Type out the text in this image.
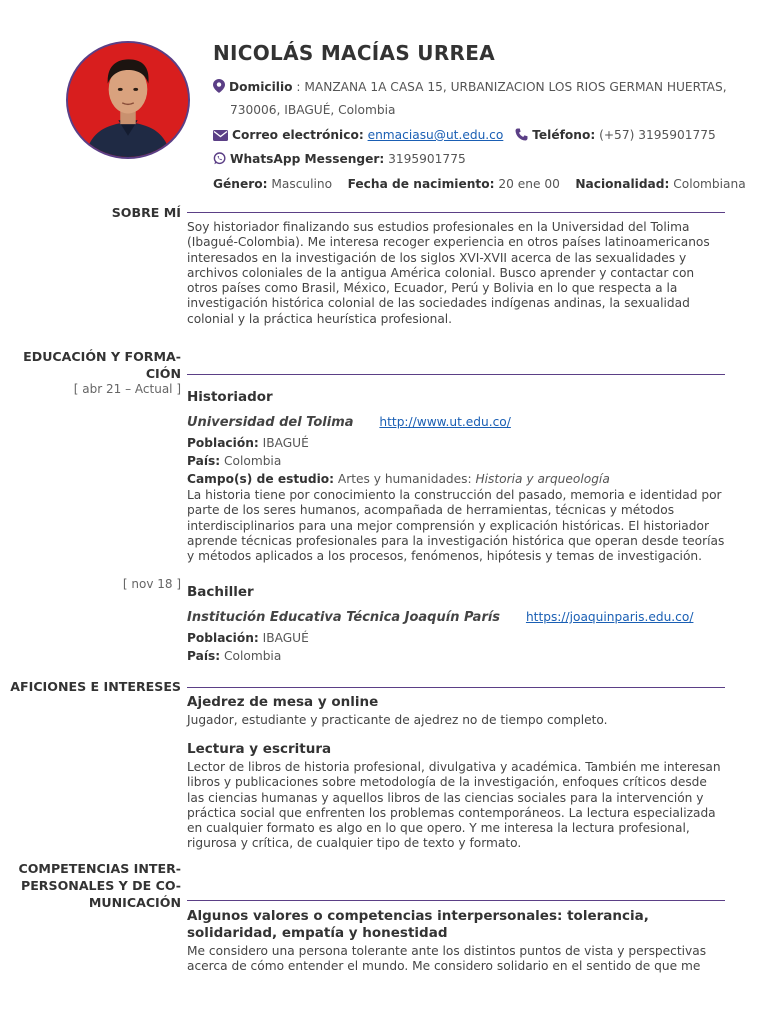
NICOLÁS MACÍAS URREA
Domicilio : MANZANA 1A CASA 15, URBANIZACION LOS RIOS GERMAN HUERTAS,
730006, IBAGUÉ, Colombia
Correo electrónico: enmaciasu@ut.edu.co Teléfono: (+57) 3195901775
WhatsApp Messenger: 3195901775
Género: Masculino Fecha de nacimiento: 20 ene 00 Nacionalidad: Colombiana
SOBRE MÍ
Soy historiador finalizando sus estudios profesionales en la Universidad del Tolima (Ibagué-Colombia). Me interesa recoger experiencia en otros países latinoamericanos interesados en la investigación de los siglos XVI-XVII acerca de las sexualidades y archivos coloniales de la antigua América colonial. Busco aprender y contactar con otros países como Brasil, México, Ecuador, Perú y Bolivia en lo que respecta a la investigación histórica colonial de las sociedades indígenas andinas, la sexualidad colonial y la práctica heurística profesional.
EDUCACIÓN Y FORMA-
CIÓN
[ abr 21 – Actual ] Historiador
Universidad del Tolima http://www.ut.edu.co/
Población: IBAGUÉ
País: Colombia
Campo(s) de estudio: Artes y humanidades: Historia y arqueología
La historia tiene por conocimiento la construcción del pasado, memoria e identidad por parte de los seres humanos, acompañada de herramientas, técnicas y métodos interdisciplinarios para una mejor comprensión y explicación históricas. El historiador aprende técnicas profesionales para la investigación histórica que operan desde teorías y métodos aplicados a los procesos, fenómenos, hipótesis y temas de investigación.
[ nov 18 ] Bachiller
Institución Educativa Técnica Joaquín París https://joaquinparis.edu.co/
Población: IBAGUÉ
País: Colombia
AFICIONES E INTERESES
Ajedrez de mesa y online
Jugador, estudiante y practicante de ajedrez no de tiempo completo.
Lectura y escritura
Lector de libros de historia profesional, divulgativa y académica. También me interesan libros y publicaciones sobre metodología de la investigación, enfoques críticos desde las ciencias humanas y aquellos libros de las ciencias sociales para la intervención y práctica social que enfrenten los problemas contemporáneos. La lectura especializada en cualquier formato es algo en lo que opero. Y me interesa la lectura profesional, rigurosa y crítica, de cualquier tipo de texto y formato.
COMPETENCIAS INTER-
PERSONALES Y DE CO-
MUNICACIÓN
Algunos valores o competencias interpersonales: tolerancia, solidaridad, empatía y honestidad
Me considero una persona tolerante ante los distintos puntos de vista y perspectivas acerca de cómo entender el mundo. Me considero solidario en el sentido de que me
